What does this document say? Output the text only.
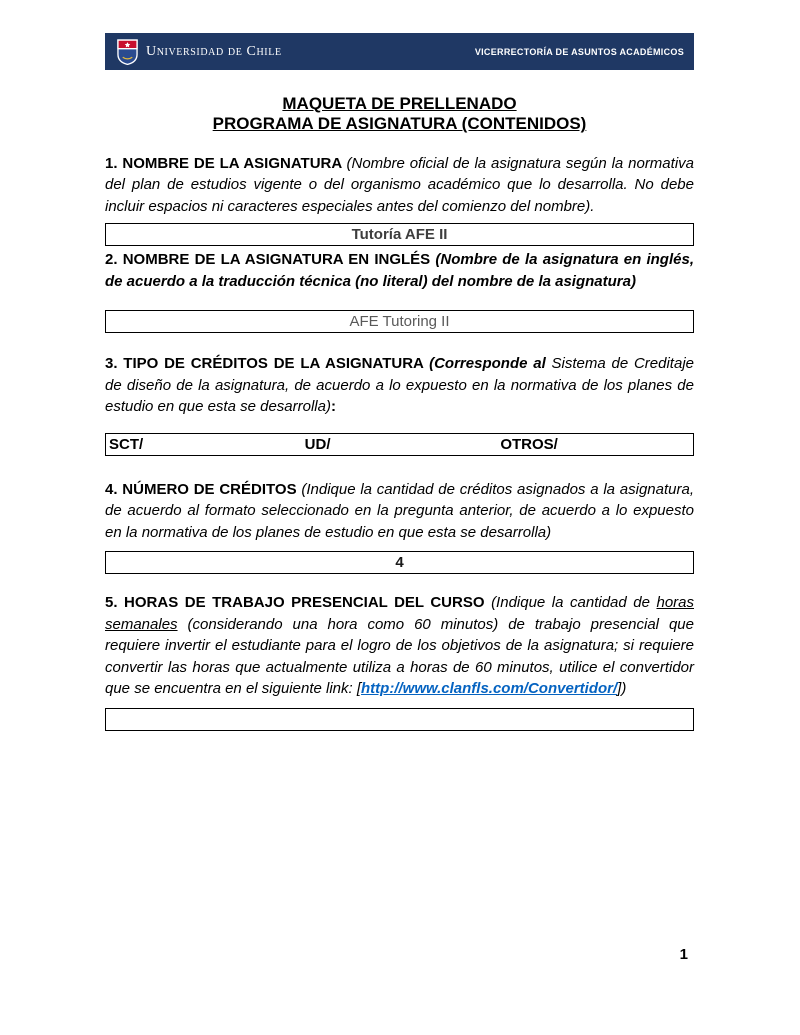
Universidad de Chile	VICERRECTORÍA DE ASUNTOS ACADÉMICOS
MAQUETA DE PRELLENADO
PROGRAMA DE ASIGNATURA (CONTENIDOS)

1. NOMBRE DE LA ASIGNATURA (Nombre oficial de la asignatura según la normativa del plan de estudios vigente o del organismo académico que lo desarrolla. No debe incluir espacios ni caracteres especiales antes del comienzo del nombre).

Tutoría AFE II

2. NOMBRE DE LA ASIGNATURA EN INGLÉS (Nombre de la asignatura en inglés, de acuerdo a la traducción técnica (no literal) del nombre de la asignatura)

AFE Tutoring II

3. TIPO DE CRÉDITOS DE LA ASIGNATURA (Corresponde al Sistema de Creditaje de diseño de la asignatura, de acuerdo a lo expuesto en la normativa de los planes de estudio en que esta se desarrolla):

SCT/	UD/	OTROS/

4. NÚMERO DE CRÉDITOS (Indique la cantidad de créditos asignados a la asignatura, de acuerdo al formato seleccionado en la pregunta anterior, de acuerdo a lo expuesto en la normativa de los planes de estudio en que esta se desarrolla)

4

5. HORAS DE TRABAJO PRESENCIAL DEL CURSO (Indique la cantidad de horas semanales (considerando una hora como 60 minutos) de trabajo presencial que requiere invertir el estudiante para el logro de los objetivos de la asignatura; si requiere convertir las horas que actualmente utiliza a horas de 60 minutos, utilice el convertidor que se encuentra en el siguiente link: [http://www.clanfls.com/Convertidor/])

1
